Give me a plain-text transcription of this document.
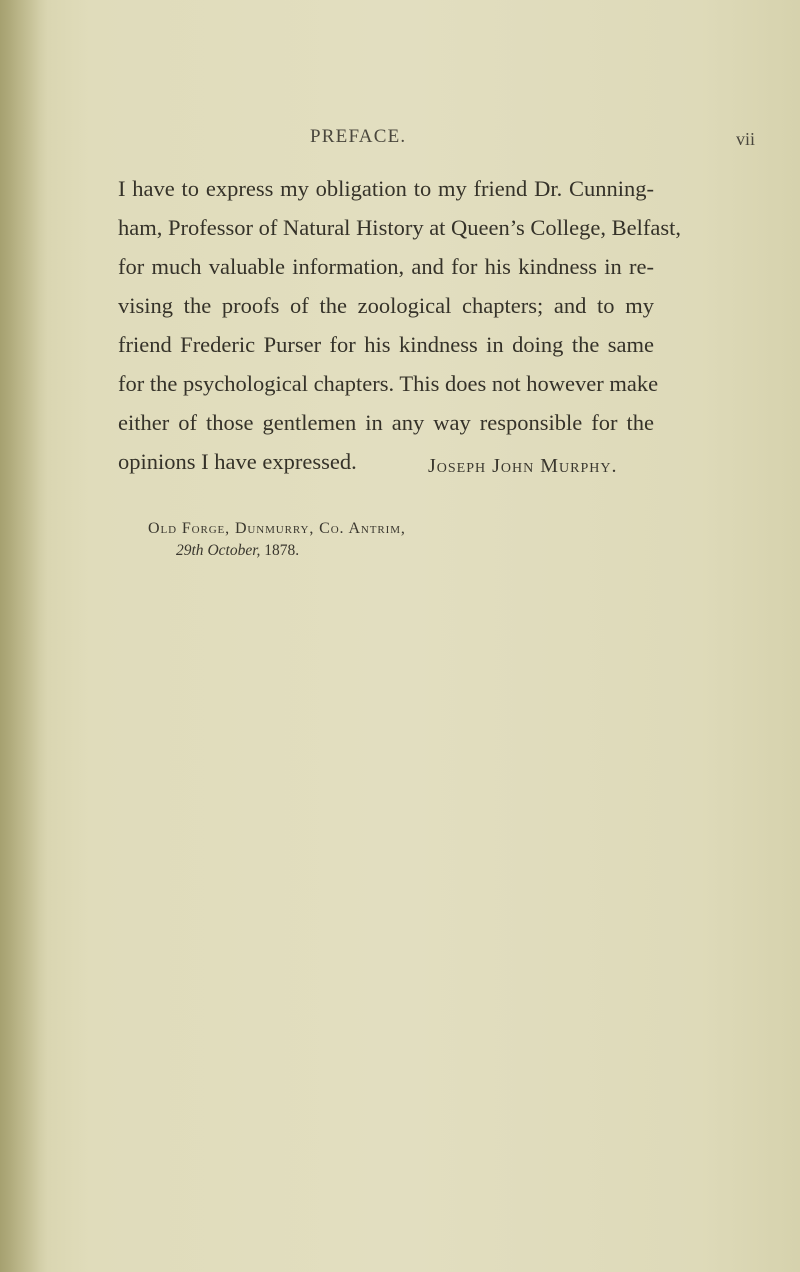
PREFACE.	vii
I have to express my obligation to my friend Dr. Cunning-
ham, Professor of Natural History at Queen’s College, Belfast,
for much valuable information, and for his kindness in re-
vising the proofs of the zoological chapters; and to my
friend Frederic Purser for his kindness in doing the same
for the psychological chapters. This does not however make
either of those gentlemen in any way responsible for the
opinions I have expressed.	Joseph John Murphy.
Old Forge, Dunmurry, Co. Antrim,
29th October, 1878.
